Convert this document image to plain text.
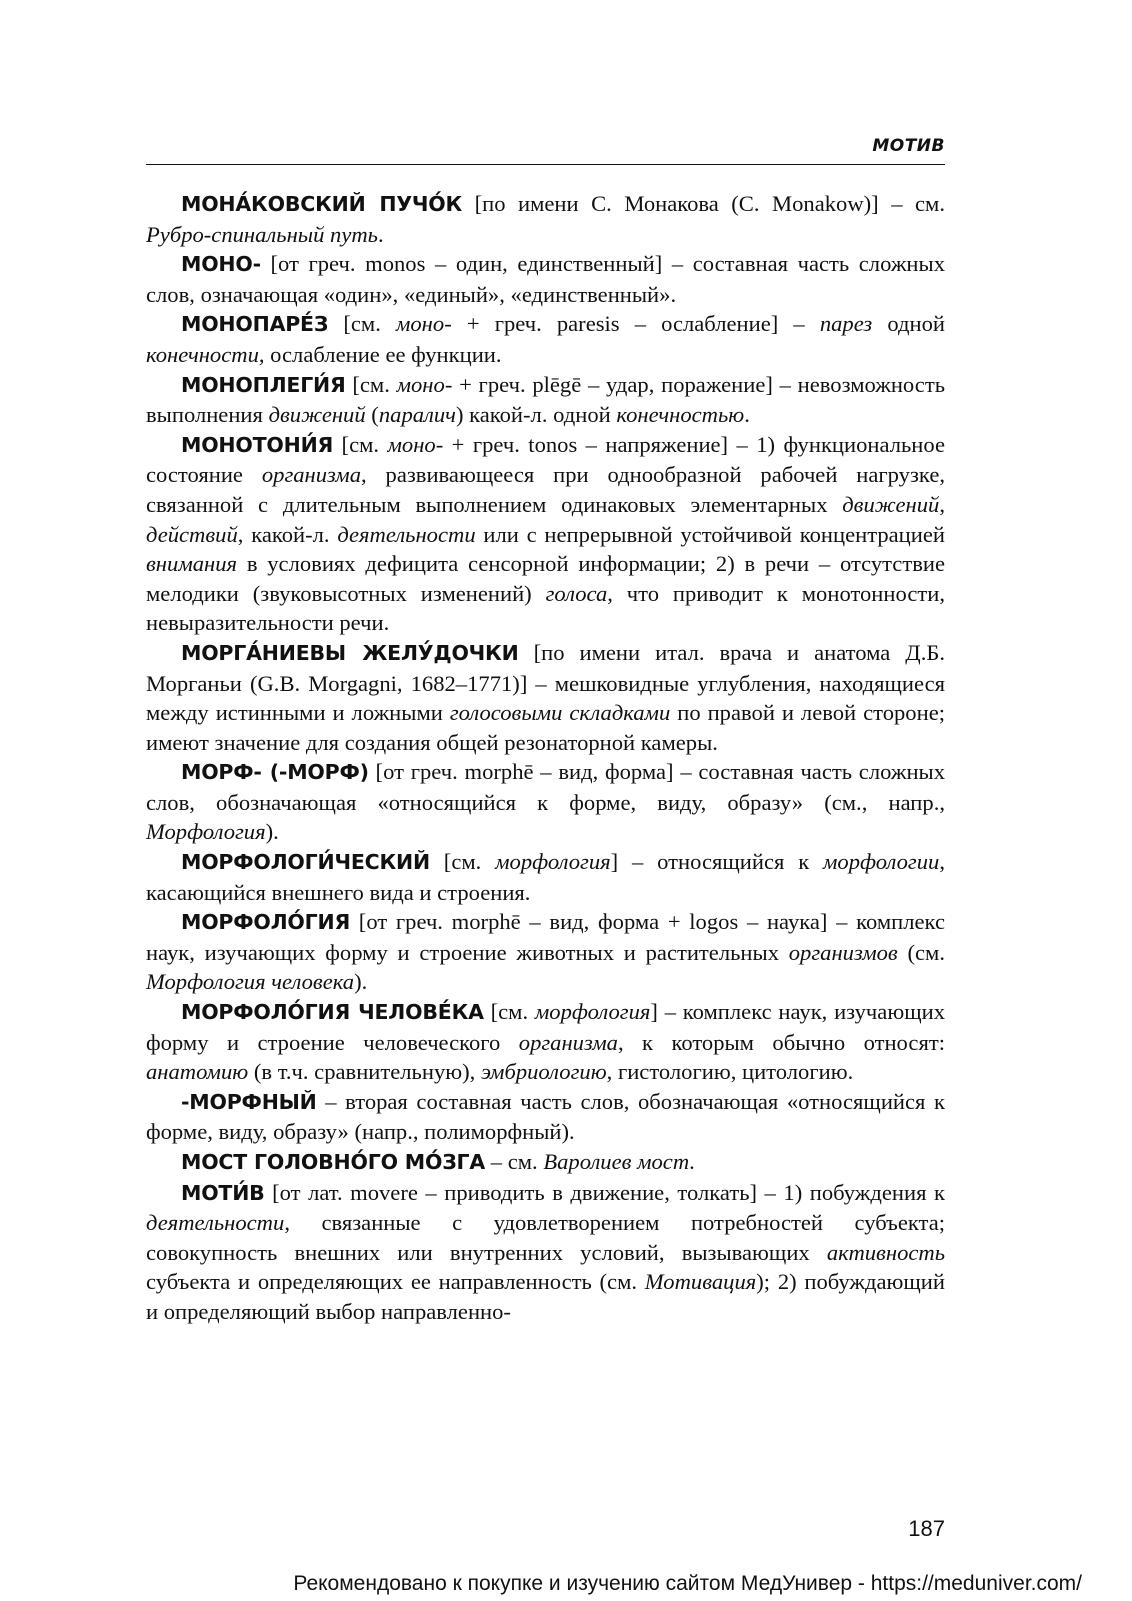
МОТИВ

МОНА́КОВСКИЙ ПУЧО́К [по имени С. Монакова (C. Monakow)] – см. Рубро-спинальный путь.

МОНО- [от греч. monos – один, единственный] – составная часть сложных слов, означающая «один», «единый», «единственный».

МОНОПАРЕ́З [см. моно- + греч. paresis – ослабление] – парез одной конечности, ослабление ее функции.

МОНОПЛЕГИ́Я [см. моно- + греч. plēgē – удар, поражение] – невозможность выполнения движений (паралич) какой-л. одной конечностью.

МОНОТОНИ́Я [см. моно- + греч. tonos – напряжение] – 1) функциональное состояние организма, развивающееся при однообразной рабочей нагрузке, связанной с длительным выполнением одинаковых элементарных движений, действий, какой-л. деятельности или с непрерывной устойчивой концентрацией внимания в условиях дефицита сенсорной информации; 2) в речи – отсутствие мелодики (звуковысотных изменений) голоса, что приводит к монотонности, невыразительности речи.

МОРГА́НИЕВЫ ЖЕЛУ́ДОЧКИ [по имени итал. врача и анатома Д.Б. Морганьи (G.B. Morgagni, 1682–1771)] – мешковидные углубления, находящиеся между истинными и ложными голосовыми складками по правой и левой стороне; имеют значение для создания общей резонаторной камеры.

МОРФ- (-МОРФ) [от греч. morphē – вид, форма] – составная часть сложных слов, обозначающая «относящийся к форме, виду, образу» (см., напр., Морфология).

МОРФОЛОГИ́ЧЕСКИЙ [см. морфология] – относящийся к морфологии, касающийся внешнего вида и строения.

МОРФОЛО́ГИЯ [от греч. morphē – вид, форма + logos – наука] – комплекс наук, изучающих форму и строение животных и растительных организмов (см. Морфология человека).

МОРФОЛО́ГИЯ ЧЕЛОВЕ́КА [см. морфология] – комплекс наук, изучающих форму и строение человеческого организма, к которым обычно относят: анатомию (в т.ч. сравнительную), эмбриологию, гистологию, цитологию.

-МОРФНЫЙ – вторая составная часть слов, обозначающая «относящийся к форме, виду, образу» (напр., полиморфный).

МОСТ ГОЛОВНО́ГО МО́ЗГА – см. Варолиев мост.

МОТИ́В [от лат. movere – приводить в движение, толкать] – 1) побуждения к деятельности, связанные с удовлетворением потребностей субъекта; совокупность внешних или внутренних условий, вызывающих активность субъекта и определяющих ее направленность (см. Мотивация); 2) побуждающий и определяющий выбор направленно-

187
Рекомендовано к покупке и изучению сайтом МедУнивер - https://meduniver.com/
